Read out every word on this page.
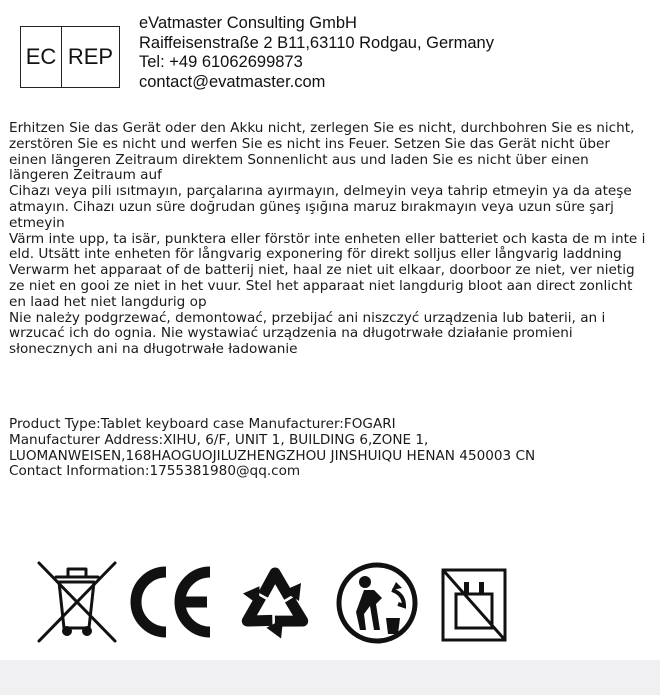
EC REP
eVatmaster Consulting GmbH
Raiffeisenstraße 2 B11,63110 Rodgau, Germany
Tel: +49 61062699873
contact@evatmaster.com

Erhitzen Sie das Gerät oder den Akku nicht, zerlegen Sie es nicht, durchbohren Sie es nicht, zerstören Sie es nicht und werfen Sie es nicht ins Feuer. Setzen Sie das Gerät nicht über einen längeren Zeitraum direktem Sonnenlicht aus und laden Sie es nicht über einen längeren Zeitraum auf

Cihazı veya pili ısıtmayın, parçalarına ayırmayın, delmeyin veya tahrip etmeyin ya da ateşe atmayın. Cihazı uzun süre doğrudan güneş ışığına maruz bırakmayın veya uzun süre şarj etmeyin

Värm inte upp, ta isär, punktera eller förstör inte enheten eller batteriet och kasta de m inte i eld. Utsätt inte enheten för långvarig exponering för direkt solljus eller långvarig laddning

Verwarm het apparaat of de batterij niet, haal ze niet uit elkaar, doorboor ze niet, ver nietig ze niet en gooi ze niet in het vuur. Stel het apparaat niet langdurig bloot aan direct zonlicht en laad het niet langdurig op

Nie należy podgrzewać, demontować, przebijać ani niszczyć urządzenia lub baterii, an i wrzucać ich do ognia. Nie wystawiać urządzenia na długotrwałe działanie promieni słonecznych ani na długotrwałe ładowanie

Product Type:Tablet keyboard case Manufacturer:FOGARI
Manufacturer Address:XIHU, 6/F, UNIT 1, BUILDING 6,ZONE 1,
LUOMANWEISEN,168HAOGUOJILUZHENGZHOU JINSHUIQU HENAN 450003 CN
Contact Information:1755381980@qq.com
